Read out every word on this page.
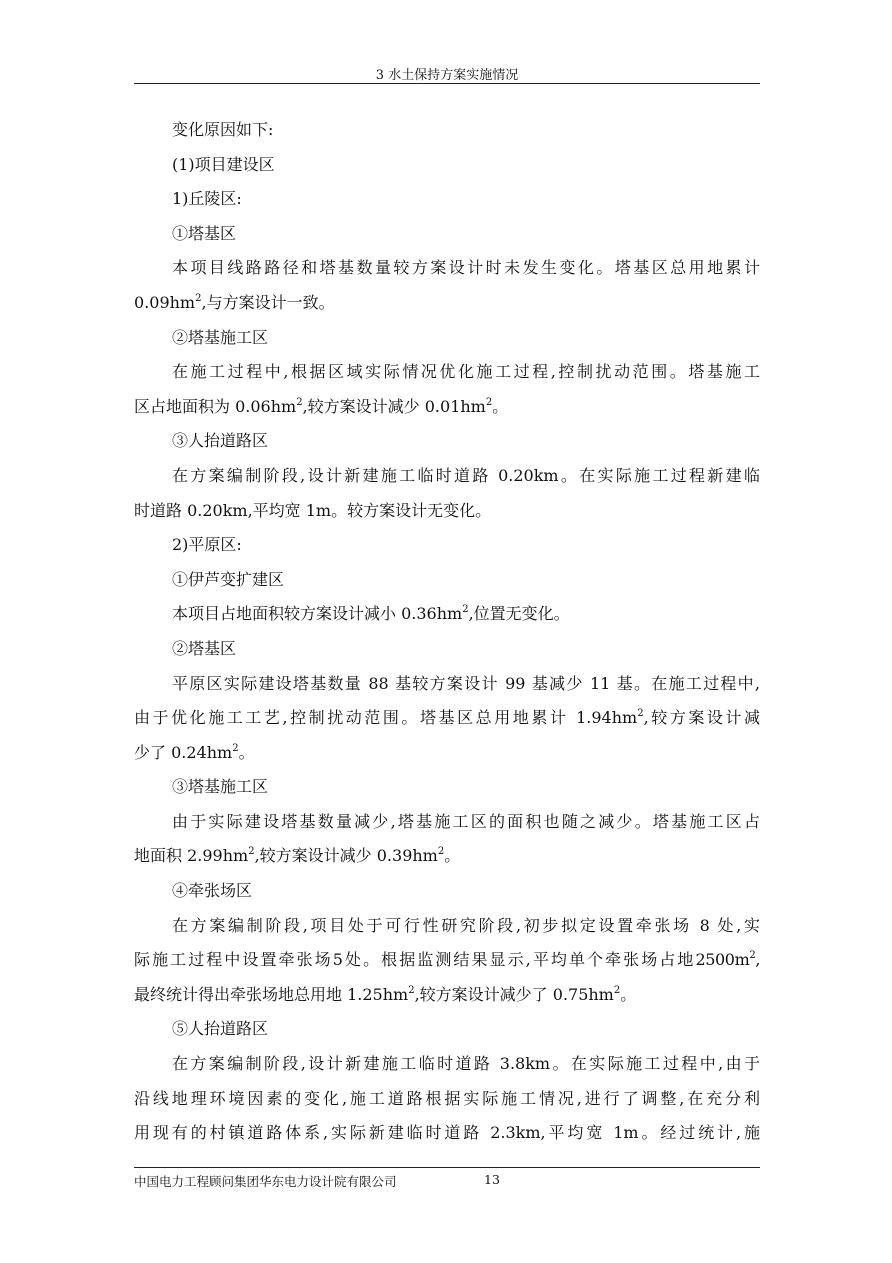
3 水土保持方案实施情况

变化原因如下:

(1)项目建设区

1)丘陵区:

①塔基区

本项目线路路径和塔基数量较方案设计时未发生变化。塔基区总用地累计

$0.09hm^2$,与方案设计一致。

②塔基施工区

在施工过程中,根据区域实际情况优化施工过程,控制扰动范围。塔基施工

区占地面积为 $0.06hm^2$,较方案设计减少 $0.01hm^2$。

③人抬道路区

在方案编制阶段,设计新建施工临时道路 0.20km。在实际施工过程新建临

时道路 0.20km,平均宽 1m。较方案设计无变化。

2)平原区:

①伊芦变扩建区

本项目占地面积较方案设计减小 $0.36hm^2$,位置无变化。

②塔基区

平原区实际建设塔基数量 88 基较方案设计 99 基减少 11 基。在施工过程中,

由于优化施工工艺,控制扰动范围。塔基区总用地累计 $1.94hm^2$,较方案设计减

少了 $0.24hm^2$。

③塔基施工区

由于实际建设塔基数量减少,塔基施工区的面积也随之减少。塔基施工区占

地面积 $2.99hm^2$,较方案设计减少 $0.39hm^2$。

④牵张场区

在方案编制阶段,项目处于可行性研究阶段,初步拟定设置牵张场 8 处,实

际施工过程中设置牵张场5处。根据监测结果显示,平均单个牵张场占地$2500m^2$,

最终统计得出牵张场地总用地 $1.25hm^2$,较方案设计减少了 $0.75hm^2$。

⑤人抬道路区

在方案编制阶段,设计新建施工临时道路 3.8km。在实际施工过程中,由于

沿线地理环境因素的变化,施工道路根据实际施工情况,进行了调整,在充分利

用现有的村镇道路体系,实际新建临时道路 2.3km,平均宽 1m。经过统计,施

中国电力工程顾问集团华东电力设计院有限公司	13
